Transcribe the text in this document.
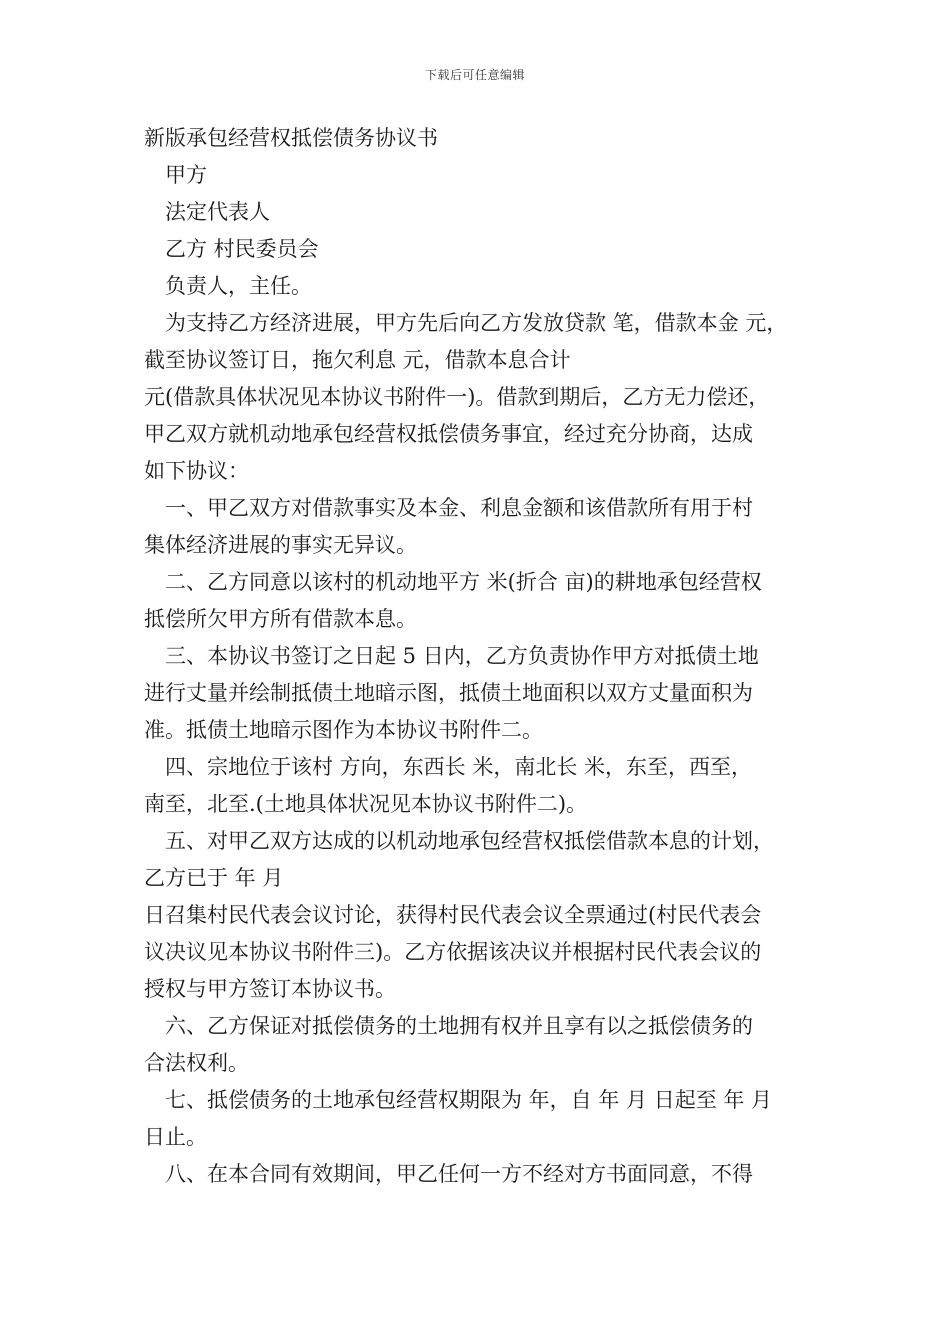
下载后可任意编辑

新版承包经营权抵偿债务协议书

甲方

法定代表人

乙方 村民委员会

负责人，主任。

为支持乙方经济进展，甲方先后向乙方发放贷款 笔，借款本金 元，

截至协议签订日，拖欠利息 元，借款本息合计

元(借款具体状况见本协议书附件一)。借款到期后，乙方无力偿还，

甲乙双方就机动地承包经营权抵偿债务事宜，经过充分协商，达成

如下协议：

一、甲乙双方对借款事实及本金、利息金额和该借款所有用于村

集体经济进展的事实无异议。

二、乙方同意以该村的机动地平方 米(折合 亩)的耕地承包经营权

抵偿所欠甲方所有借款本息。

三、本协议书签订之日起 5 日内，乙方负责协作甲方对抵债土地

进行丈量并绘制抵债土地暗示图，抵债土地面积以双方丈量面积为

准。抵债土地暗示图作为本协议书附件二。

四、宗地位于该村 方向，东西长 米，南北长 米，东至，西至，

南至，北至.(土地具体状况见本协议书附件二)。

五、对甲乙双方达成的以机动地承包经营权抵偿借款本息的计划，

乙方已于 年 月

日召集村民代表会议讨论，获得村民代表会议全票通过(村民代表会

议决议见本协议书附件三)。乙方依据该决议并根据村民代表会议的

授权与甲方签订本协议书。

六、乙方保证对抵偿债务的土地拥有权并且享有以之抵偿债务的

合法权利。

七、抵偿债务的土地承包经营权期限为 年，自 年 月 日起至 年 月

日止。

八、在本合同有效期间，甲乙任何一方不经对方书面同意，不得
